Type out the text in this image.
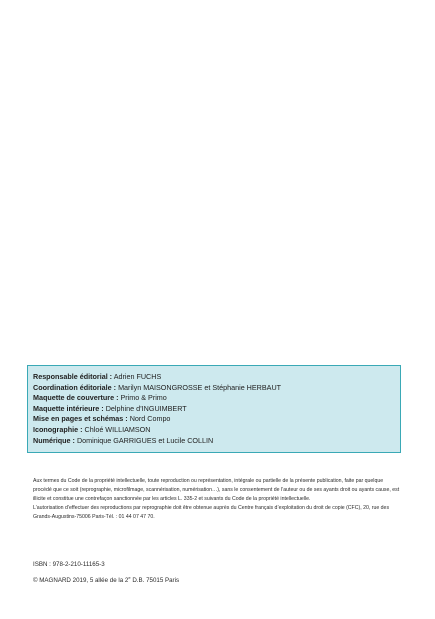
Responsable éditorial : Adrien FUCHS
Coordination éditoriale : Marilyn MAISONGROSSE et Stéphanie HERBAUT
Maquette de couverture : Primo & Primo
Maquette intérieure : Delphine d’INGUIMBERT
Mise en pages et schémas : Nord Compo
Iconographie : Chloé WILLIAMSON
Numérique : Dominique GARRIGUES et Lucile COLLIN

Aux termes du Code de la propriété intellectuelle, toute reproduction ou représentation, intégrale ou partielle de la présente publication, faite par quelque procédé que ce soit (reprographie, microfilmage, scannérisation, numérisation…), sans le consentement de l’auteur ou de ses ayants droit ou ayants cause, est illicite et constitue une contrefaçon sanctionnée par les articles L. 335-2 et suivants du Code de la propriété intellectuelle.

L’autorisation d’effectuer des reproductions par reprographie doit être obtenue auprès du Centre français d’exploitation du droit de copie (CFC), 20, rue des Grands-Augustins-75006 Paris-Tél. : 01 44 07 47 70.

ISBN : 978-2-210-11165-3
© MAGNARD 2019, 5 allée de la 2e D.B. 75015 Paris
